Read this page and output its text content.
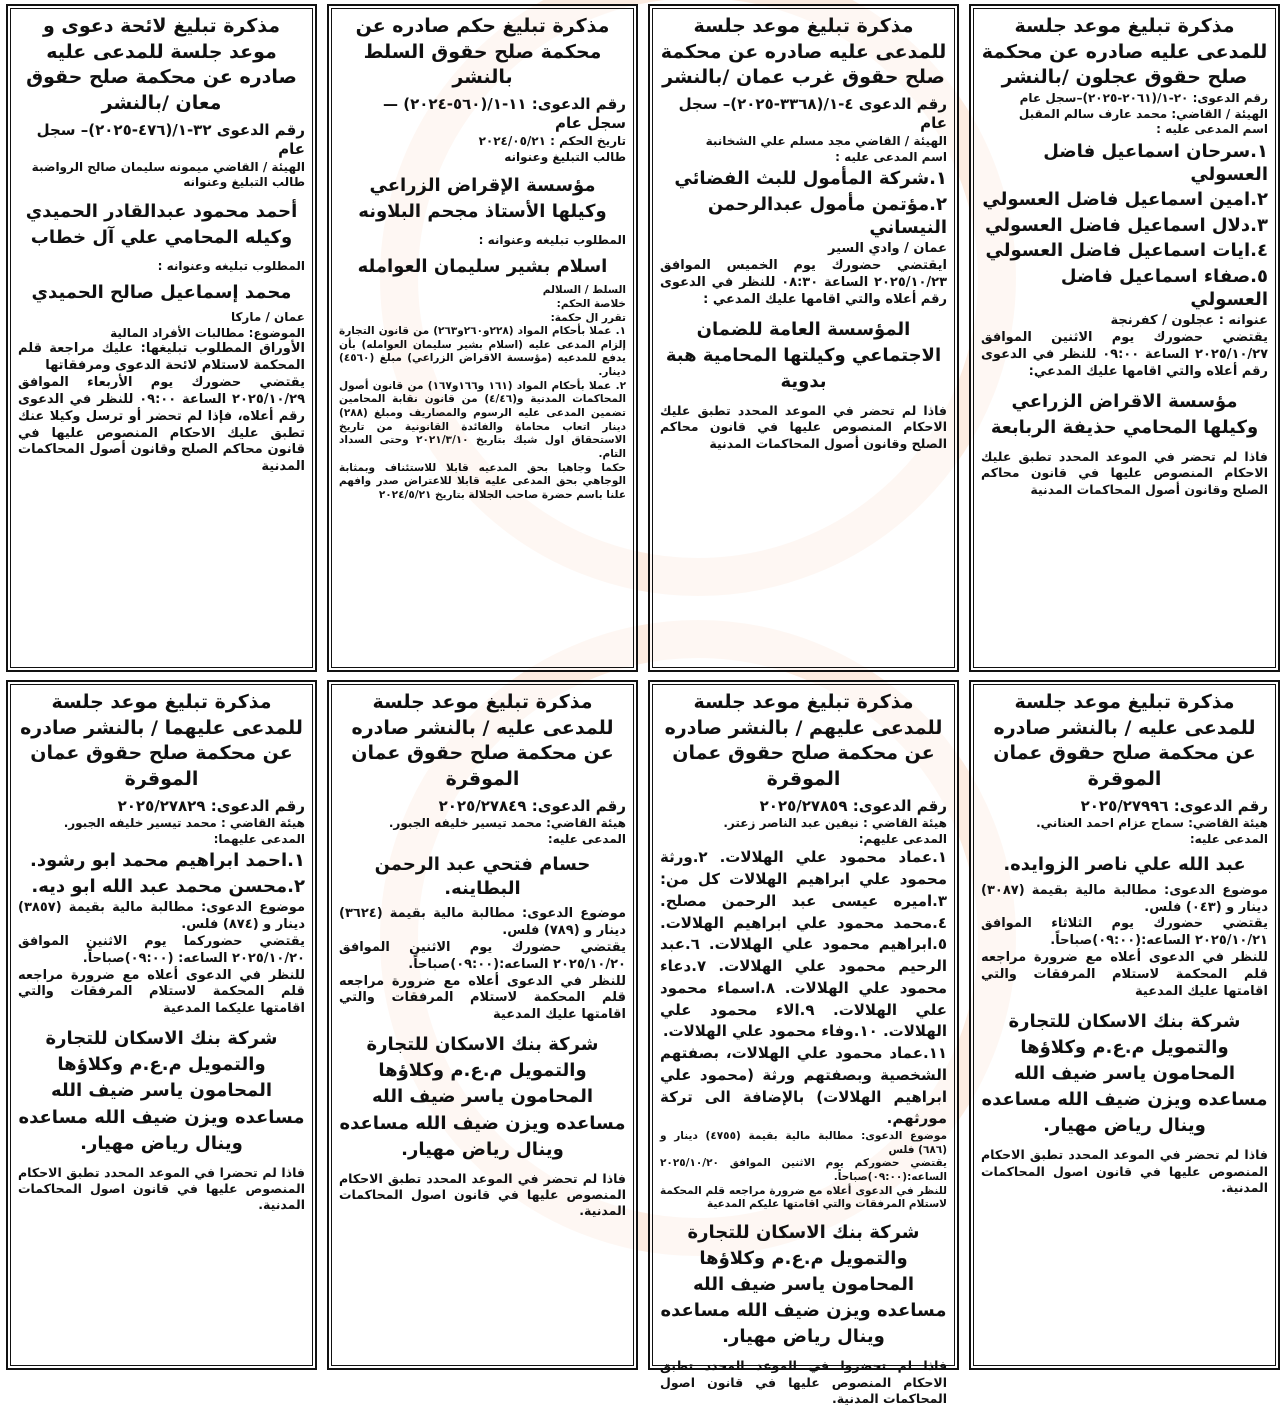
مذكرة تبليغ موعد جلسة للمدعى عليه صادره عن محكمة صلح حقوق عجلون /بالنشر

رقم الدعوى: ٢٠-١/(٢٠٦١-٢٠٢٥)–سجل عام

الهيئة / القاضي: محمد عارف سالم المقبل

اسم المدعى عليه :

١.سرحان اسماعيل فاضل العسولي

٢.امين اسماعيل فاضل العسولي

٣.دلال اسماعيل فاضل العسولي

٤.ايات اسماعيل فاضل العسولي

٥.صفاء اسماعيل فاضل العسولي

عنوانه : عجلون / كفرنجة

يقتضي حضورك يوم الاثنين الموافق ٢٠٢٥/١٠/٢٧ الساعة ٠٩:٠٠ للنظر في الدعوى رقم أعلاه والتي اقامها عليك المدعي:

مؤسسة الاقراض الزراعي وكيلها المحامي حذيفة الربابعة

فاذا لم تحضر في الموعد المحدد تطبق عليك الاحكام المنصوص عليها في قانون محاكم الصلح وقانون أصول المحاكمات المدنية

مذكرة تبليغ موعد جلسة للمدعى عليه صادره عن محكمة صلح حقوق غرب عمان /بالنشر

رقم الدعوى ٤-١/(٣٣٦٨-٢٠٢٥)– سجل عام

الهيئة / القاضي مجد مسلم علي الشخانبة

اسم المدعى عليه :

١.شركة المأمول للبث الفضائي

٢.مؤتمن مأمول عبدالرحمن النيساني

عمان / وادي السير

ايقتضي حضورك يوم الخميس الموافق ٢٠٢٥/١٠/٢٣ الساعة ٠٨:٣٠ للنظر في الدعوى رقم أعلاه والتي اقامها عليك المدعي :

المؤسسة العامة للضمان الاجتماعي وكيلتها المحامية هبة بدوية

فاذا لم تحضر في الموعد المحدد تطبق عليك الاحكام المنصوص عليها في قانون محاكم الصلح وقانون أصول المحاكمات المدنية

مذكرة تبليغ حكم صادره عن محكمة صلح حقوق السلط بالنشر

رقم الدعوى: ١١-١/(٥٦٠-٢٠٢٤) — سجل عام

تاريخ الحكم : ٢٠٢٤/٠٥/٢١

طالب التبليغ وعنوانه

مؤسسة الإقراض الزراعي وكيلها الأستاذ مجحم البلاونه

المطلوب تبليغه وعنوانه :

اسلام بشير سليمان العوامله

السلط / السلالم

خلاصة الحكم:

تقرر ال حكمة:

١. عملا بأحكام المواد (٢٢٨و٢٦٠و٢٦٣) من قانون التجارة إلزام المدعى عليه (اسلام بشير سليمان العوامله) بأن يدفع للمدعيه (مؤسسة الاقراض الزراعي) مبلغ (٤٥٦٠) دينار.

٢. عملا بأحكام المواد (١٦١ و١٦٦و١٦٧) من قانون أصول المحاكمات المدنية و(٤/٤٦) من قانون نقابة المحامين تضمين المدعى عليه الرسوم والمصاريف ومبلغ (٢٨٨) دينار اتعاب محاماة والفائدة القانونية من تاريخ الاستحقاق اول شيك بتاريخ ٢٠٢١/٣/١٠ وحتى السداد التام.

حكما وجاهيا بحق المدعيه قابلا للاستئناف وبمثابة الوجاهي بحق المدعى عليه قابلا للاعتراض صدر وافهم علنا باسم حضرة صاحب الجلالة بتاريخ ٢٠٢٤/٥/٢١

مذكرة تبليغ لائحة دعوى و موعد جلسة للمدعى عليه صادره عن محكمة صلح حقوق معان /بالنشر

رقم الدعوى ٣٢-١/(٤٧٦-٢٠٢٥)– سجل عام

الهيئة / القاضي ميمونه سليمان صالح الرواضبة

طالب التبليغ وعنوانه

أحمد محمود عبدالقادر الحميدي وكيله المحامي علي آل خطاب

المطلوب تبليغه وعنوانه :

محمد إسماعيل صالح الحميدي

عمان / ماركا

الموضوع: مطالبات الأفراد المالية

الأوراق المطلوب تبليغها: عليك مراجعة قلم المحكمة لاستلام لائحة الدعوى ومرفقاتها

يقتضي حضورك يوم الأربعاء الموافق ٢٠٢٥/١٠/٢٩ الساعة ٠٩:٠٠ للنظر في الدعوى رقم أعلاه، فإذا لم تحضر أو ترسل وكيلا عنك تطبق عليك الاحكام المنصوص عليها في قانون محاكم الصلح وقانون أصول المحاكمات المدنية

مذكرة تبليغ موعد جلسة للمدعى عليه / بالنشر صادره عن محكمة صلح حقوق عمان الموقرة

رقم الدعوى: ٢٠٢٥/٢٧٩٩٦

هيئة القاضي: سماح عزام احمد العناني.

المدعى عليه:

عبد الله علي ناصر الزوايده.

موضوع الدعوى: مطالبة مالية بقيمة (٣٠٨٧) دينار و (٠٤٣) فلس.

يقتضي حضورك يوم الثلاثاء الموافق ٢٠٢٥/١٠/٢١ الساعه:(٠٩:٠٠)صباحاً.

للنظر في الدعوى أعلاه مع ضرورة مراجعه قلم المحكمة لاستلام المرفقات والتي اقامتها عليك المدعية

شركة بنك الاسكان للتجارة والتمويل م.ع.م وكلاؤها المحامون ياسر ضيف الله مساعده ويزن ضيف الله مساعده وينال رياض مهيار.

فاذا لم تحضر في الموعد المحدد تطبق الاحكام المنصوص عليها في قانون اصول المحاكمات المدنية.

مذكرة تبليغ موعد جلسة للمدعى عليهم / بالنشر صادره عن محكمة صلح حقوق عمان الموقرة

رقم الدعوى: ٢٠٢٥/٢٧٨٥٩

هيئة القاضي : نيفين عبد الناصر زعتر.

المدعى عليهم:

١.عماد محمود علي الهلالات. ٢.ورثة محمود علي ابراهيم الهلالات كل من: ٣.اميره عيسى عبد الرحمن مصلح. ٤.محمد محمود علي ابراهيم الهلالات. ٥.ابراهيم محمود علي الهلالات. ٦.عبد الرحيم محمود علي الهلالات. ٧.دعاء محمود علي الهلالات. ٨.اسماء محمود علي الهلالات. ٩.الاء محمود علي الهلالات. ١٠.وفاء محمود علي الهلالات.

١١.عماد محمود علي الهلالات، بصفتهم الشخصية وبصفتهم ورثة (محمود علي ابراهيم الهلالات) بالإضافة الى تركة مورثهم.

موضوع الدعوى: مطالبة مالية بقيمة (٤٧٥٥) دينار و (٦٨٦) فلس

يقتضي حضوركم يوم الاثنين الموافق ٢٠٢٥/١٠/٢٠ الساعه:(٠٩:٠٠)صباحاً.

للنظر في الدعوى أعلاه مع ضرورة مراجعه قلم المحكمة لاستلام المرفقات والتي اقامتها عليكم المدعية

شركة بنك الاسكان للتجارة والتمويل م.ع.م وكلاؤها المحامون ياسر ضيف الله مساعده ويزن ضيف الله مساعده وينال رياض مهيار.

فاذا لم تحضروا في الموعد المحدد تطبق الاحكام المنصوص عليها في قانون اصول المحاكمات المدنية.

مذكرة تبليغ موعد جلسة للمدعى عليه / بالنشر صادره عن محكمة صلح حقوق عمان الموقرة

رقم الدعوى: ٢٠٢٥/٢٧٨٤٩

هيئة القاضي: محمد تيسير خليفه الجبور.

المدعى عليه:

حسام فتحي عبد الرحمن البطاينه.

موضوع الدعوى: مطالبة مالية بقيمة (٣٦٢٤) دينار و (٧٨٩) فلس.

يقتضي حضورك يوم الاثنين الموافق ٢٠٢٥/١٠/٢٠ الساعه:(٠٩:٠٠)صباحاً.

للنظر في الدعوى أعلاه مع ضرورة مراجعه قلم المحكمة لاستلام المرفقات والتي اقامتها عليك المدعية

شركة بنك الاسكان للتجارة والتمويل م.ع.م وكلاؤها المحامون ياسر ضيف الله مساعده ويزن ضيف الله مساعده وينال رياض مهيار.

فاذا لم تحضر في الموعد المحدد تطبق الاحكام المنصوص عليها في قانون اصول المحاكمات المدنية.

مذكرة تبليغ موعد جلسة للمدعى عليهما / بالنشر صادره عن محكمة صلح حقوق عمان الموقرة

رقم الدعوى: ٢٠٢٥/٢٧٨٢٩

هيئة القاضي : محمد تيسير خليفه الجبور.

المدعى عليهما:

١.احمد ابراهيم محمد ابو رشود.

٢.محسن محمد عبد الله ابو ديه.

موضوع الدعوى: مطالبة مالية بقيمة (٣٨٥٧) دينار و (٨٧٤) فلس.

يقتضي حضوركما يوم الاثنين الموافق ٢٠٢٥/١٠/٢٠ الساعه: (٠٩:٠٠)صباحاً.

للنظر في الدعوى أعلاه مع ضرورة مراجعه قلم المحكمة لاستلام المرفقات والتي اقامتها عليكما المدعية

شركة بنك الاسكان للتجارة والتمويل م.ع.م وكلاؤها المحامون ياسر ضيف الله مساعده ويزن ضيف الله مساعده وينال رياض مهيار.

فاذا لم تحضرا في الموعد المحدد تطبق الاحكام المنصوص عليها في قانون اصول المحاكمات المدنية.
